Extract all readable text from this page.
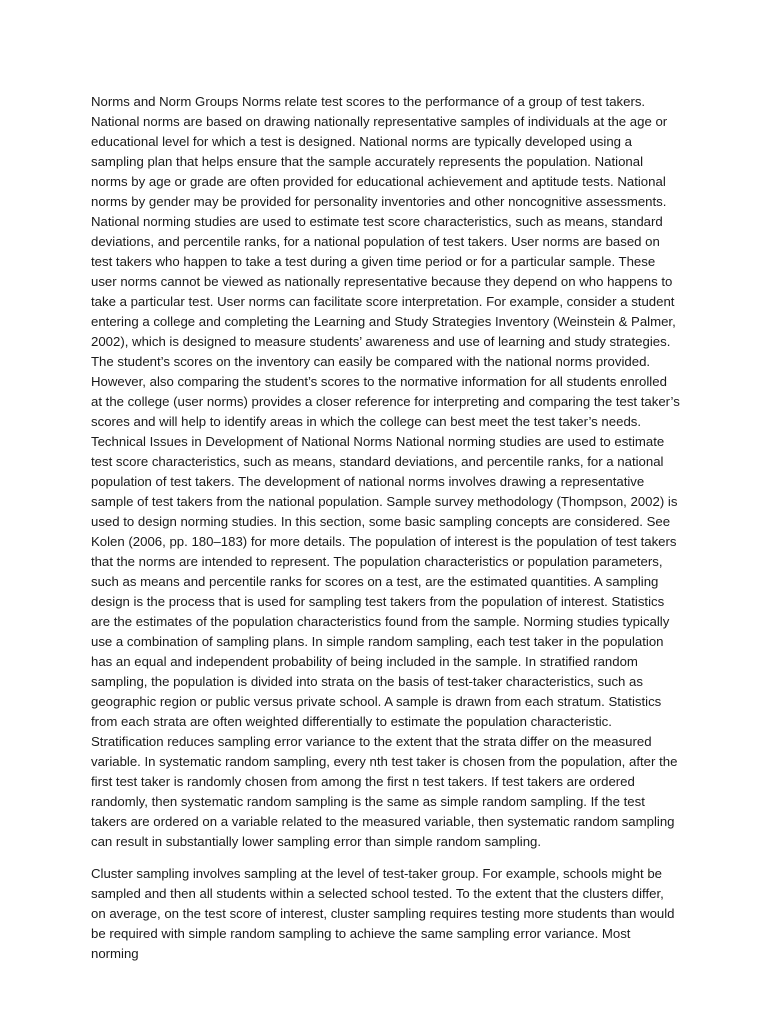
Norms and Norm Groups Norms relate test scores to the performance of a group of test takers. National norms are based on drawing nationally representative samples of individuals at the age or educational level for which a test is designed. National norms are typically developed using a sampling plan that helps ensure that the sample accurately represents the population. National norms by age or grade are often provided for educational achievement and aptitude tests. National norms by gender may be provided for personality inventories and other noncognitive assessments. National norming studies are used to estimate test score characteristics, such as means, standard deviations, and percentile ranks, for a national population of test takers. User norms are based on test takers who happen to take a test during a given time period or for a particular sample. These user norms cannot be viewed as nationally representative because they depend on who happens to take a particular test. User norms can facilitate score interpretation. For example, consider a student entering a college and completing the Learning and Study Strategies Inventory (Weinstein & Palmer, 2002), which is designed to measure students’ awareness and use of learning and study strategies. The student’s scores on the inventory can easily be compared with the national norms provided. However, also comparing the student’s scores to the normative information for all students enrolled at the college (user norms) provides a closer reference for interpreting and comparing the test taker’s scores and will help to identify areas in which the college can best meet the test taker’s needs. Technical Issues in Development of National Norms National norming studies are used to estimate test score characteristics, such as means, standard deviations, and percentile ranks, for a national population of test takers. The development of national norms involves drawing a representative sample of test takers from the national population. Sample survey methodology (Thompson, 2002) is used to design norming studies. In this section, some basic sampling concepts are considered. See Kolen (2006, pp. 180–183) for more details. The population of interest is the population of test takers that the norms are intended to represent. The population characteristics or population parameters, such as means and percentile ranks for scores on a test, are the estimated quantities. A sampling design is the process that is used for sampling test takers from the population of interest. Statistics are the estimates of the population characteristics found from the sample. Norming studies typically use a combination of sampling plans. In simple random sampling, each test taker in the population has an equal and independent probability of being included in the sample. In stratified random sampling, the population is divided into strata on the basis of test-taker characteristics, such as geographic region or public versus private school. A sample is drawn from each stratum. Statistics from each strata are often weighted differentially to estimate the population characteristic. Stratification reduces sampling error variance to the extent that the strata differ on the measured variable. In systematic random sampling, every nth test taker is chosen from the population, after the first test taker is randomly chosen from among the first n test takers. If test takers are ordered randomly, then systematic random sampling is the same as simple random sampling. If the test takers are ordered on a variable related to the measured variable, then systematic random sampling can result in substantially lower sampling error than simple random sampling.

Cluster sampling involves sampling at the level of test-taker group. For example, schools might be sampled and then all students within a selected school tested. To the extent that the clusters differ, on average, on the test score of interest, cluster sampling requires testing more students than would be required with simple random sampling to achieve the same sampling error variance. Most norming
